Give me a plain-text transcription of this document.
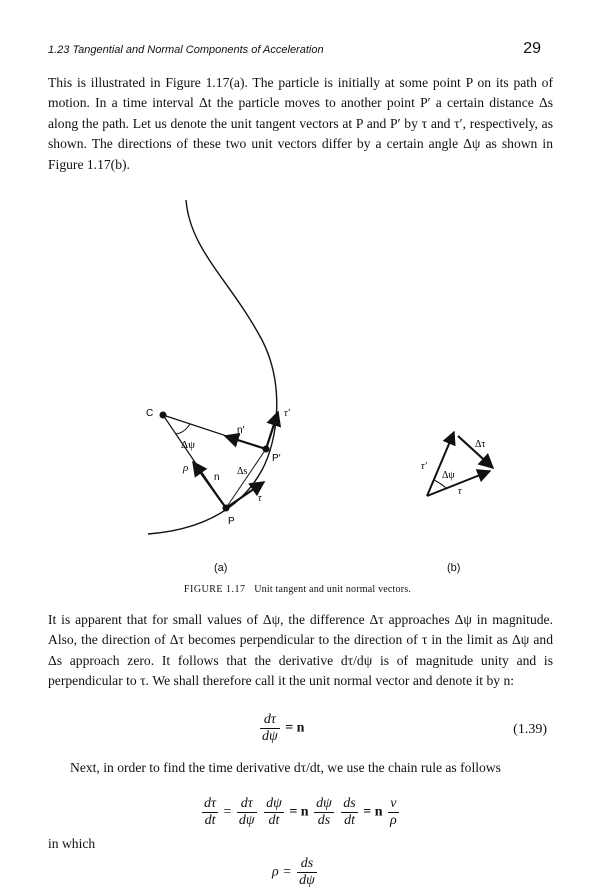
1.23 Tangential and Normal Components of Acceleration	29

This is illustrated in Figure 1.17(a). The particle is initially at some point P on its path of motion. In a time interval Δt the particle moves to another point P′ a certain distance Δs along the path. Let us denote the unit tangent vectors at P and P′ by τ and τ′, respectively, as shown. The directions of these two unit vectors differ by a certain angle Δψ as shown in Figure 1.17(b).

C
Δψ
n′
τ′
P′
ρ
n
Δs
τ
P
τ′
Δτ
Δψ
τ
(a)	(b)
FIGURE 1.17 Unit tangent and unit normal vectors.

It is apparent that for small values of Δψ, the difference Δτ approaches Δψ in magnitude. Also, the direction of Δτ becomes perpendicular to the direction of τ in the limit as Δψ and Δs approach zero. It follows that the derivative dτ/dψ is of magnitude unity and is perpendicular to τ. We shall therefore call it the unit normal vector and denote it by n:

$\frac{d\tau}{d\psi} = n$	(1.39)

Next, in order to find the time derivative dτ/dt, we use the chain rule as follows

$\frac{d\tau}{dt} = \frac{d\tau}{d\psi}$
$\frac{d\psi}{dt} = n \frac{d\psi}{ds}$
$\frac{ds}{dt} = n \frac{v}{\rho}$
in which
$\rho = \frac{ds}{d\psi}$
